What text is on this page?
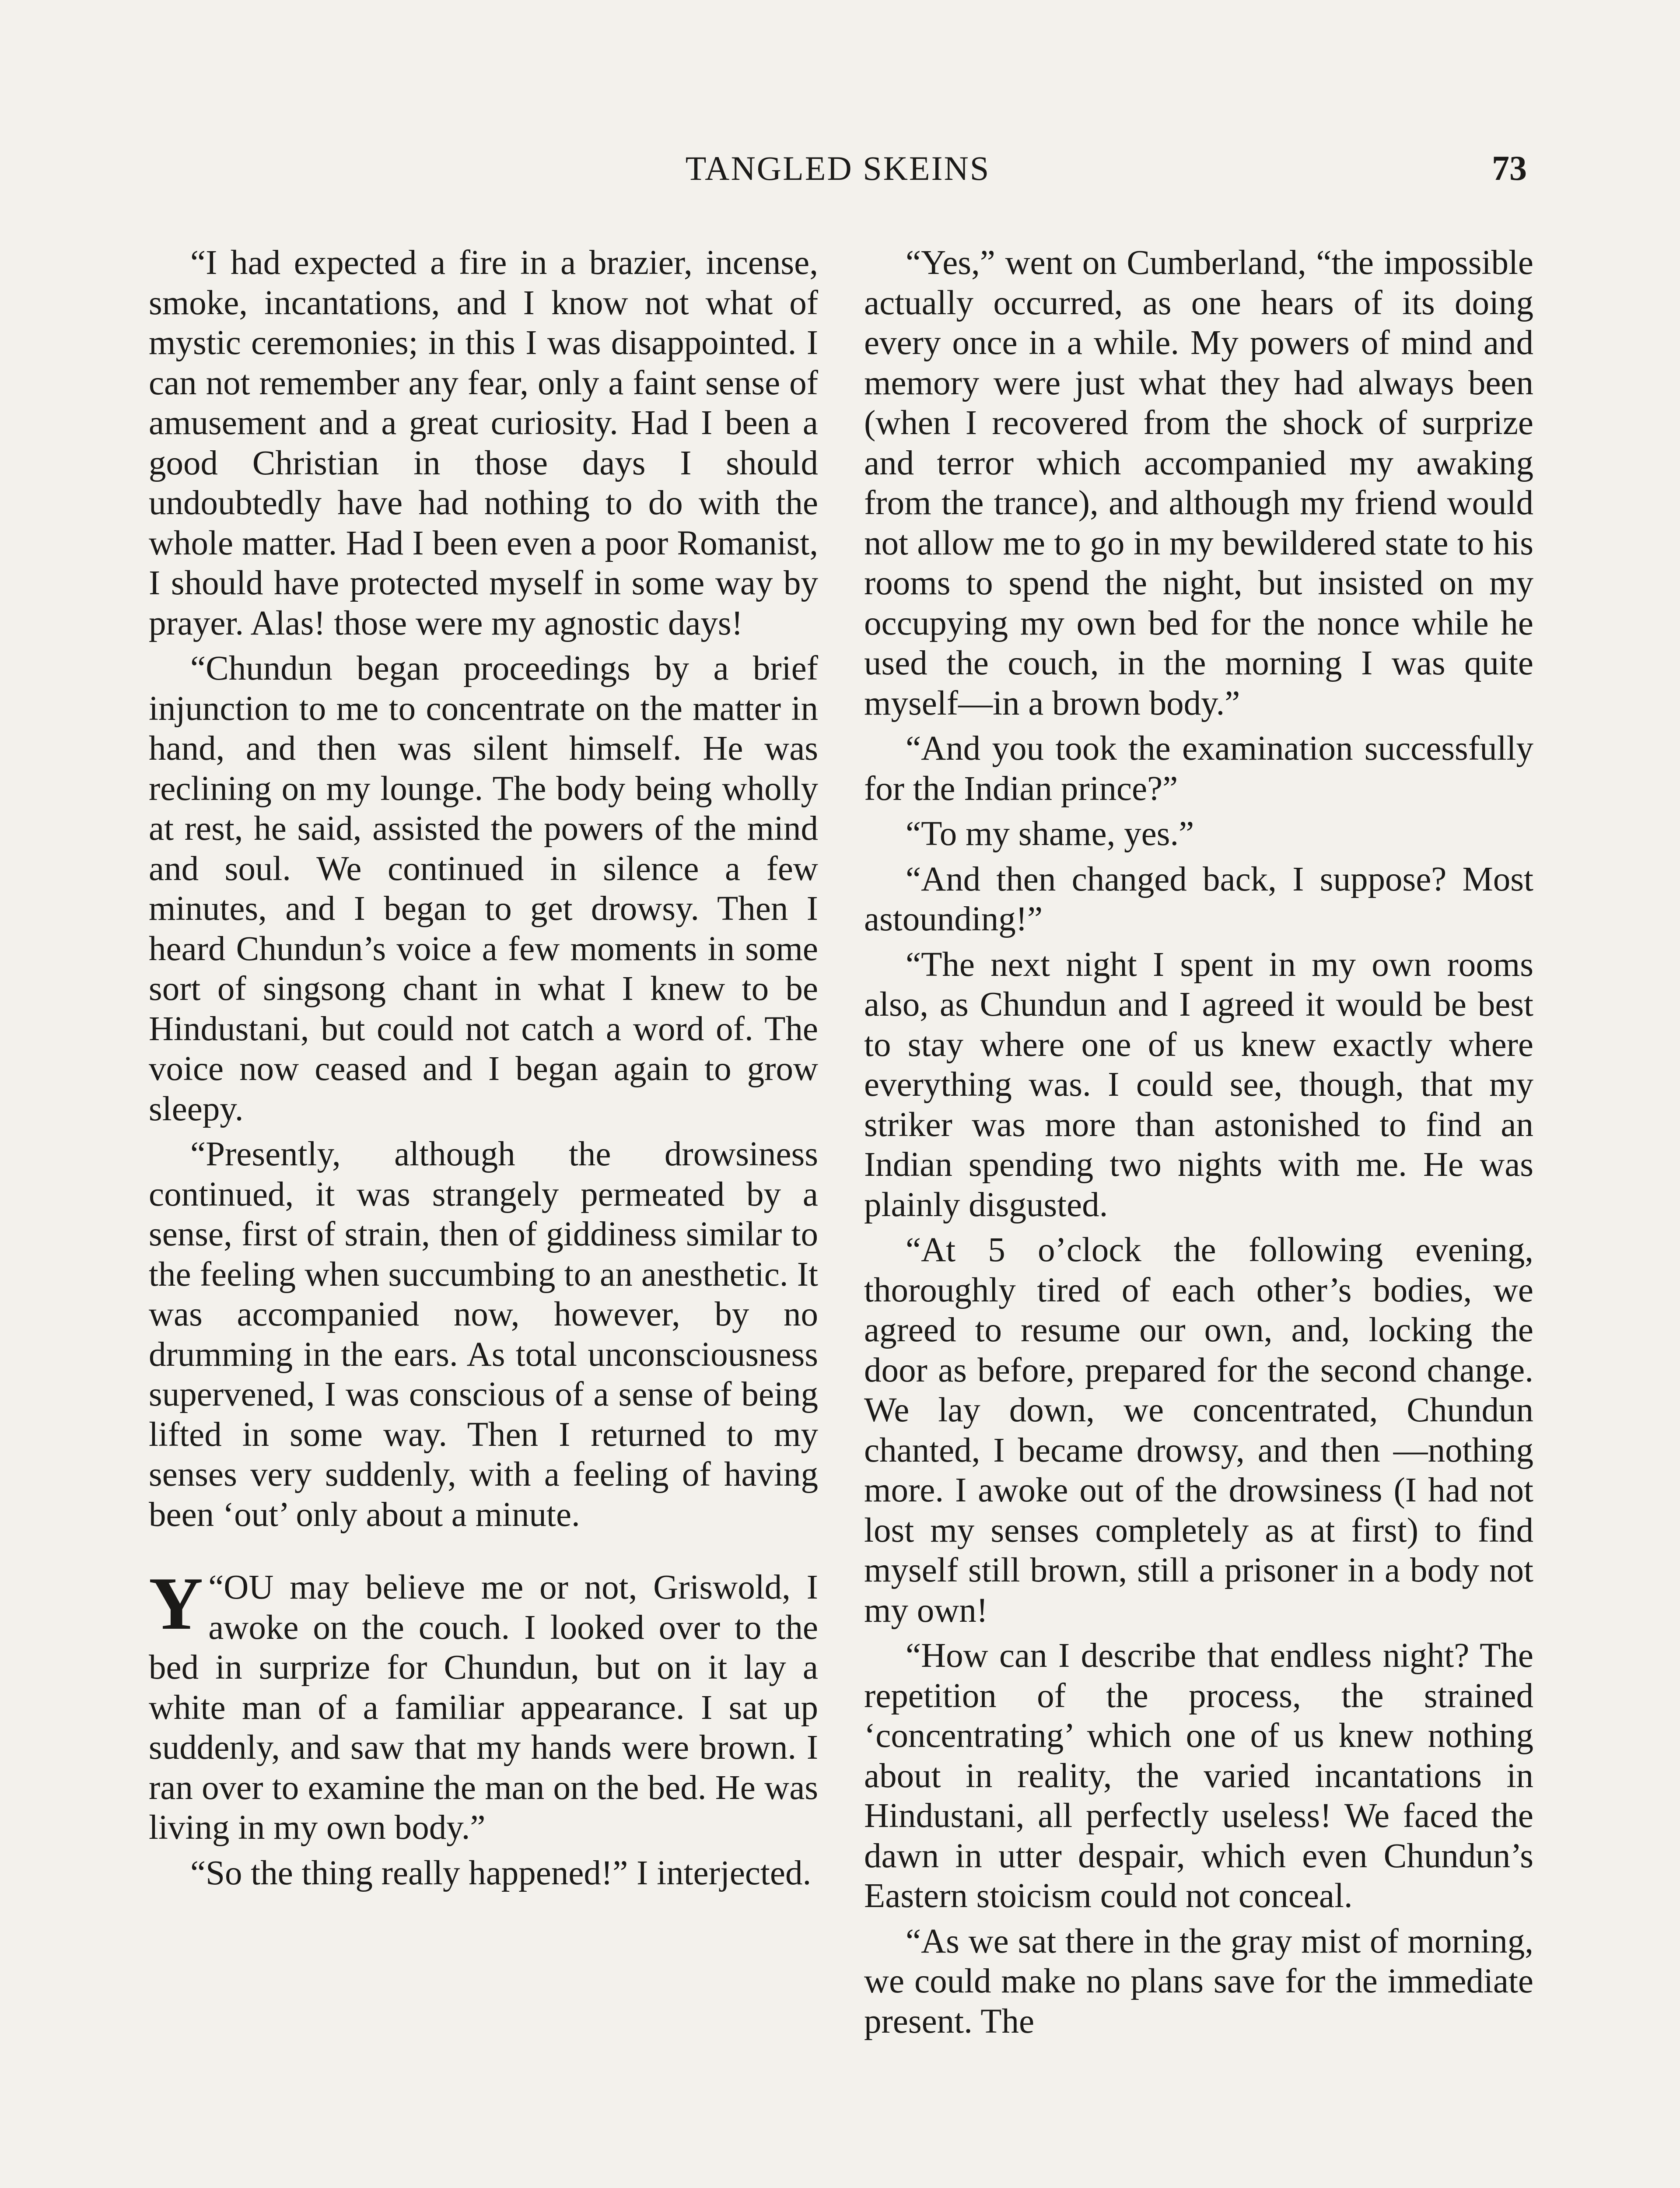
TANGLED SKEINS	73

“I had expected a fire in a brazier, incense, smoke, incantations, and I know not what of mystic ceremonies; in this I was disappointed. I can not remember any fear, only a faint sense of amusement and a great curiosity. Had I been a good Christian in those days I should undoubtedly have had nothing to do with the whole matter. Had I been even a poor Romanist, I should have protected myself in some way by prayer. Alas! those were my agnostic days!

“Chundun began proceedings by a brief injunction to me to concentrate on the matter in hand, and then was silent himself. He was reclining on my lounge. The body being wholly at rest, he said, assisted the powers of the mind and soul. We continued in silence a few minutes, and I began to get drowsy. Then I heard Chundun’s voice a few moments in some sort of singsong chant in what I knew to be Hindustani, but could not catch a word of. The voice now ceased and I began again to grow sleepy.

“Presently, although the drowsiness continued, it was strangely permeated by a sense, first of strain, then of giddiness similar to the feeling when succumbing to an anesthetic. It was accompanied now, however, by no drumming in the ears. As total unconsciousness supervened, I was conscious of a sense of being lifted in some way. Then I returned to my senses very suddenly, with a feeling of having been ‘out’ only about a minute.

“
Y OU may believe me or not, Griswold, I awoke on the couch. I looked over to the bed in surprize for Chundun, but on it lay a white man of a familiar appearance. I sat up suddenly, and saw that my hands were brown. I ran over to examine the man on the bed. He was living in my own body.”

“So the thing really happened!” I interjected.

“Yes,” went on Cumberland, “the impossible actually occurred, as one hears of its doing every once in a while. My powers of mind and memory were just what they had always been (when I recovered from the shock of surprize and terror which accompanied my awaking from the trance), and although my friend would not allow me to go in my bewildered state to his rooms to spend the night, but insisted on my occupying my own bed for the nonce while he used the couch, in the morning I was quite myself—in a brown body.”

“And you took the examination successfully for the Indian prince?”

“To my shame, yes.”

“And then changed back, I suppose? Most astounding!”

“The next night I spent in my own rooms also, as Chundun and I agreed it would be best to stay where one of us knew exactly where everything was. I could see, though, that my striker was more than astonished to find an Indian spending two nights with me. He was plainly disgusted.

“At 5 o’clock the following evening, thoroughly tired of each other’s bodies, we agreed to resume our own, and, locking the door as before, prepared for the second change. We lay down, we concentrated, Chundun chanted, I became drowsy, and then —nothing more. I awoke out of the drowsiness (I had not lost my senses completely as at first) to find myself still brown, still a prisoner in a body not my own!

“How can I describe that endless night? The repetition of the process, the strained ‘concentrating’ which one of us knew nothing about in reality, the varied incantations in Hindustani, all perfectly useless! We faced the dawn in utter despair, which even Chundun’s Eastern stoicism could not conceal.

“As we sat there in the gray mist of morning, we could make no plans save for the immediate present. The
